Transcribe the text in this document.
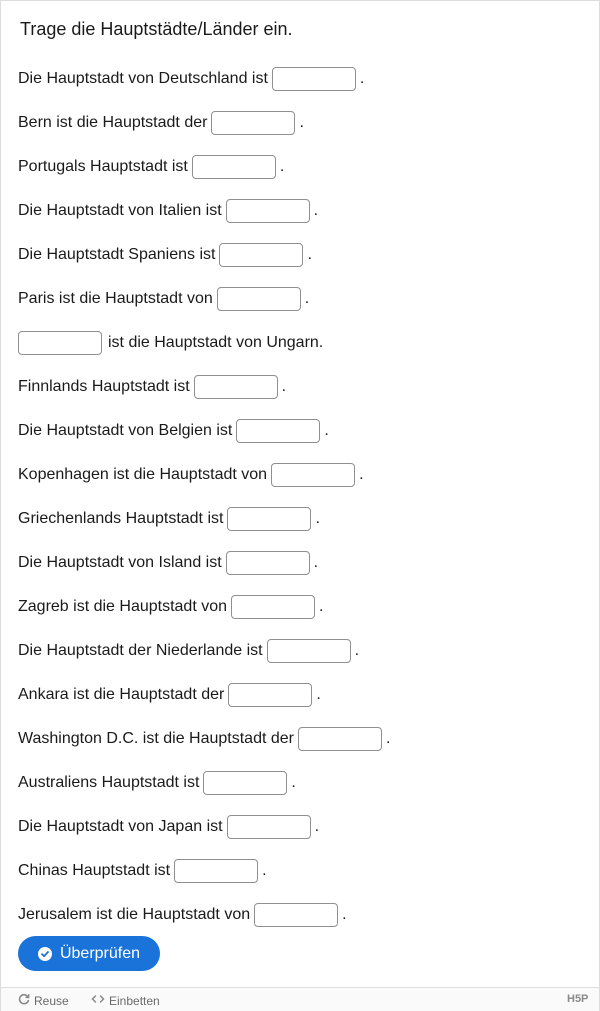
Trage die Hauptstädte/Länder ein.
Die Hauptstadt von Deutschland ist	.
Bern ist die Hauptstadt der	.
Portugals Hauptstadt ist	.
Die Hauptstadt von Italien ist	.
Die Hauptstadt Spaniens ist	.
Paris ist die Hauptstadt von	.
ist die Hauptstadt von Ungarn.
Finnlands Hauptstadt ist	.
Die Hauptstadt von Belgien ist	.
Kopenhagen ist die Hauptstadt von	.
Griechenlands Hauptstadt ist	.
Die Hauptstadt von Island ist	.
Zagreb ist die Hauptstadt von	.
Die Hauptstadt der Niederlande ist	.
Ankara ist die Hauptstadt der	.
Washington D.C. ist die Hauptstadt der	.
Australiens Hauptstadt ist	.
Die Hauptstadt von Japan ist	.
Chinas Hauptstadt ist	.
Jerusalem ist die Hauptstadt von	.
Überprüfen
Reuse	Einbetten	H5P
